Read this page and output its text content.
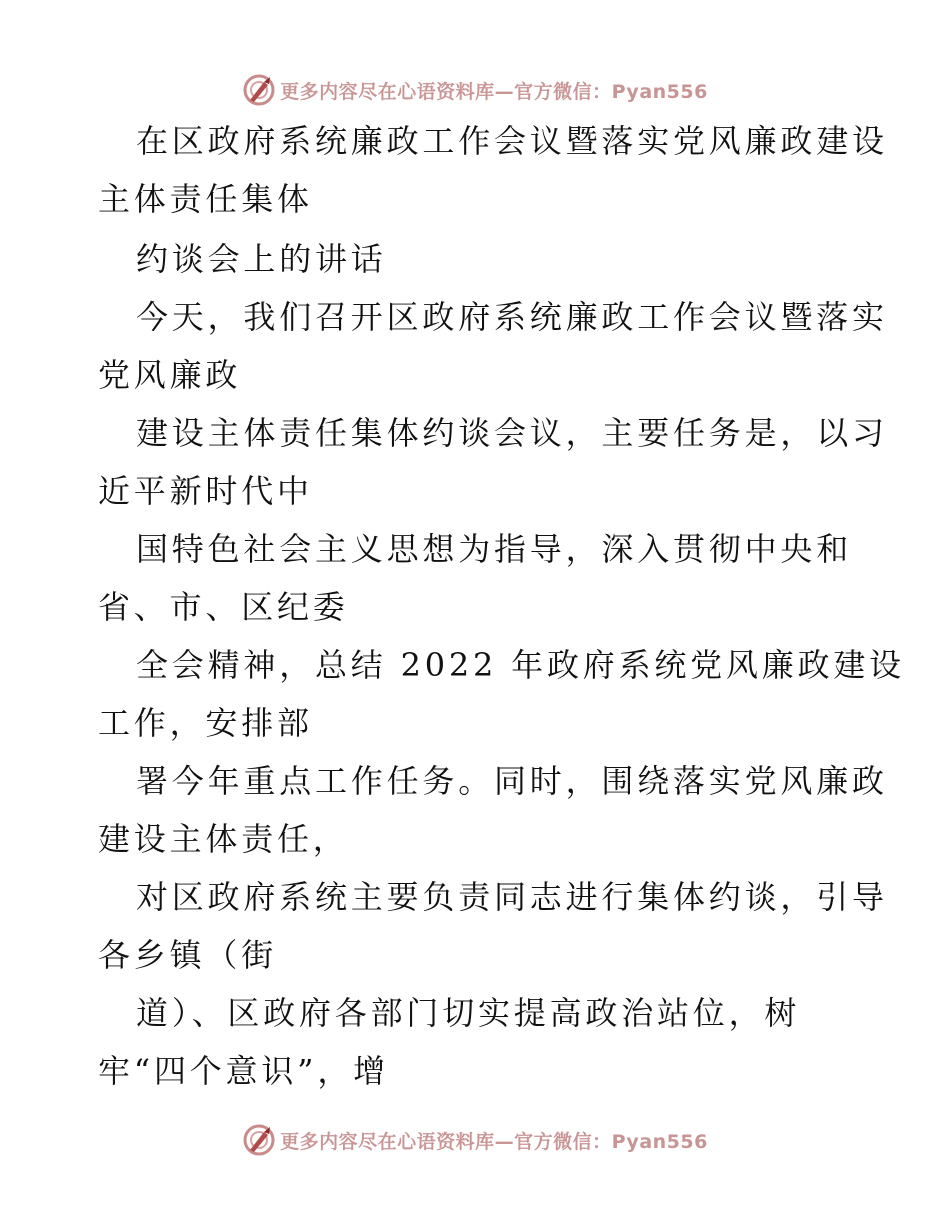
更多内容尽在心语资料库—官方微信：Pyan556
在区政府系统廉政工作会议暨落实党风廉政建设
主体责任集体
约谈会上的讲话
今天，我们召开区政府系统廉政工作会议暨落实
党风廉政
建设主体责任集体约谈会议，主要任务是，以习
近平新时代中
国特色社会主义思想为指导，深入贯彻中央和
省、市、区纪委
全会精神，总结 2022 年政府系统党风廉政建设
工作，安排部
署今年重点工作任务。同时，围绕落实党风廉政
建设主体责任，
对区政府系统主要负责同志进行集体约谈，引导
各乡镇（街
道）、区政府各部门切实提高政治站位，树
牢“四个意识”，增
更多内容尽在心语资料库—官方微信：Pyan556
